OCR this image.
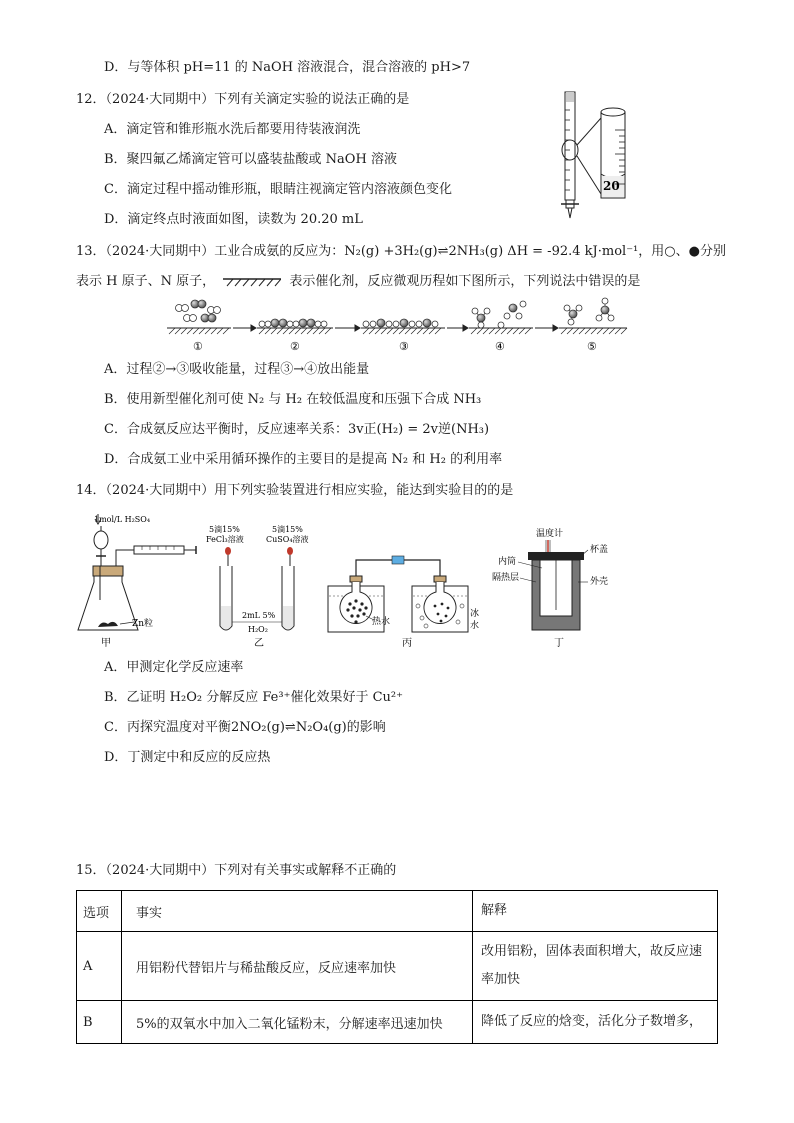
D．与等体积 pH=11 的 NaOH 溶液混合，混合溶液的 pH>7
12．（2024·大同期中）下列有关滴定实验的说法正确的是
A．滴定管和锥形瓶水洗后都要用待装液润洗
B．聚四氟乙烯滴定管可以盛装盐酸或 NaOH 溶液
C．滴定过程中摇动锥形瓶，眼睛注视滴定管内溶液颜色变化
D．滴定终点时液面如图，读数为 20.20 mL
20
13．（2024·大同期中）工业合成氨的反应为：N₂(g) +3H₂(g)⇌2NH₃(g) ΔH = -92.4 kJ·mol⁻¹，用○、●分别
表示 H 原子、N 原子，	表示催化剂，反应微观历程如下图所示，下列说法中错误的是
①	②	③	④	⑤
A．过程②→③吸收能量，过程③→④放出能量
B．使用新型催化剂可使 N₂ 与 H₂ 在较低温度和压强下合成 NH₃
C．合成氨反应达平衡时，反应速率关系：3v正(H₂) = 2v逆(NH₃)
D．合成氨工业中采用循环操作的主要目的是提高 N₂ 和 H₂ 的利用率
14．（2024·大同期中）用下列实验装置进行相应实验，能达到实验目的的是
1mol/L H₂SO₄
Zn粒
甲
5滴15%
FeCl₃溶液
5滴15%
CuSO₄溶液
2mL 5%
H₂O₂
乙
热水
冰
水
丙
温度计
内筒
隔热层
杯盖
外壳
丁
A．甲测定化学反应速率
B．乙证明 H₂O₂ 分解反应 Fe³⁺催化效果好于 Cu²⁺
C．丙探究温度对平衡2NO₂(g)⇌N₂O₄(g)的影响
D．丁测定中和反应的反应热
15．（2024·大同期中）下列对有关事实或解释不正确的
选项	事实	解释
A	用铝粉代替铝片与稀盐酸反应，反应速率加快	改用铝粉，固体表面积增大，故反应速率加快
B	5%的双氧水中加入二氧化锰粉末，分解速率迅速加快	降低了反应的焓变，活化分子数增多，
